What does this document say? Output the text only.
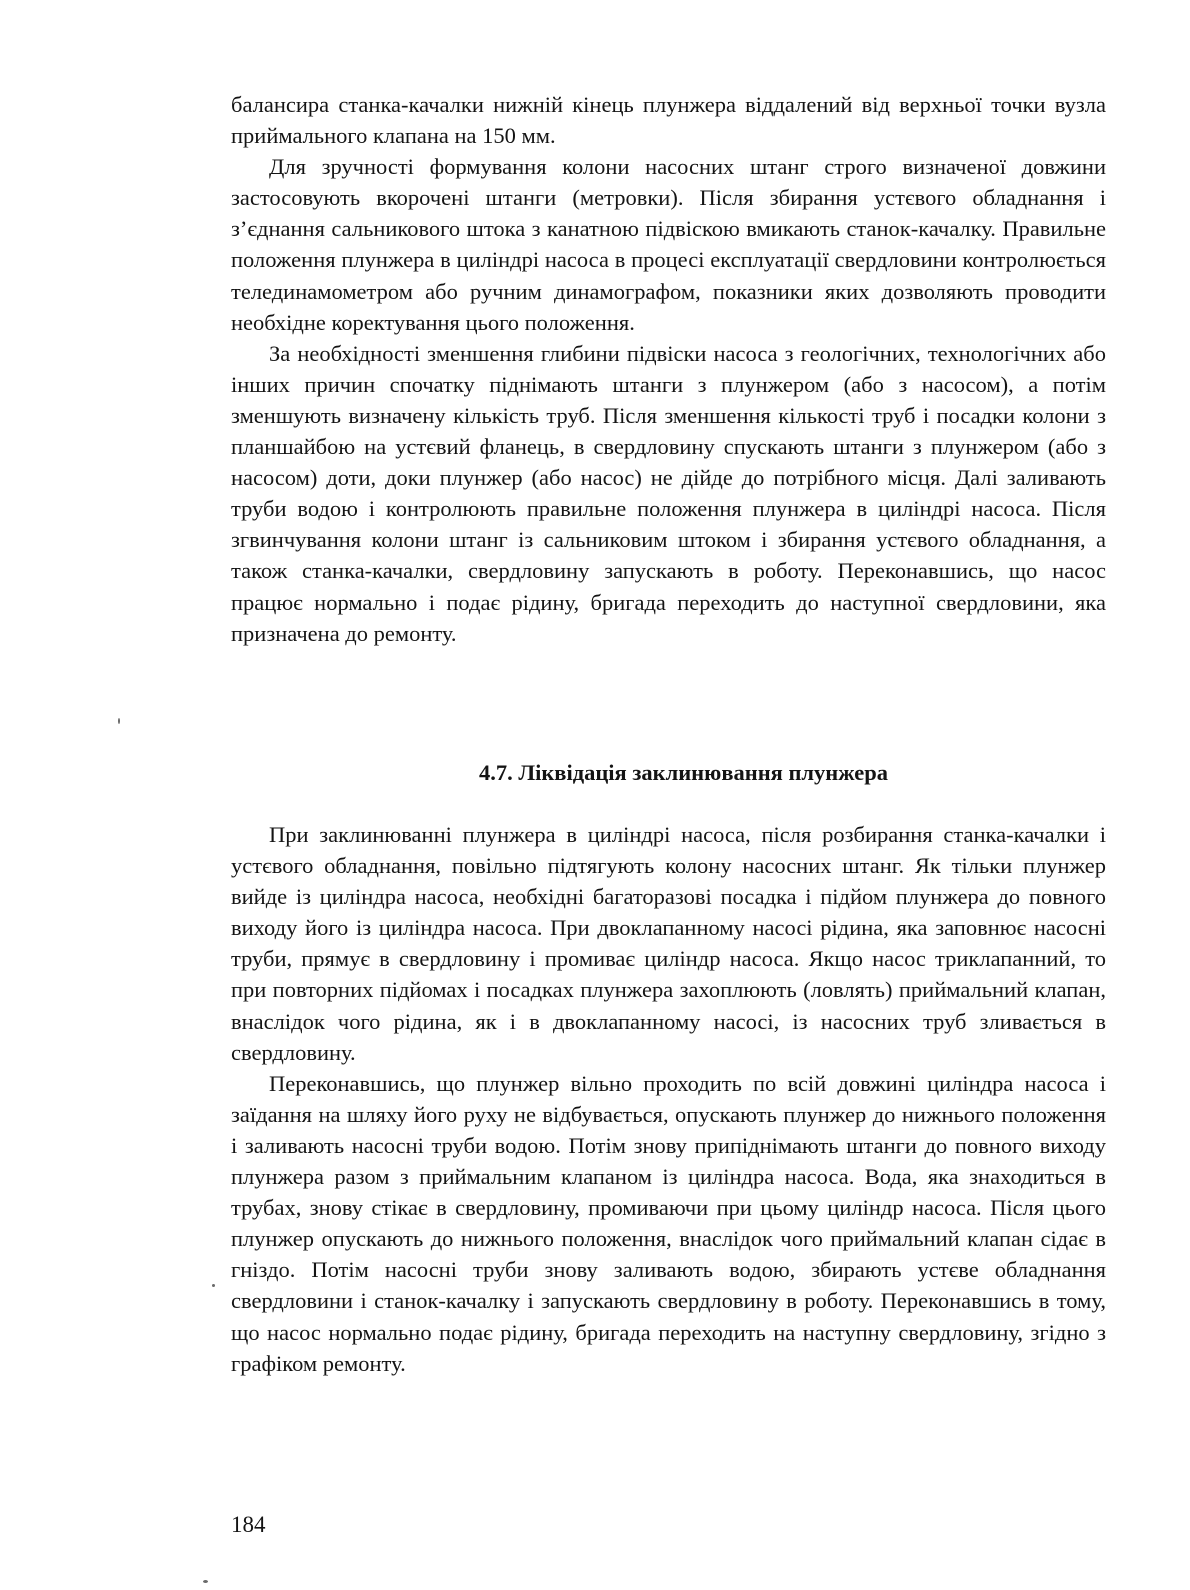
балансира станка-качалки нижній кінець плунжера віддалений від верхньої точки вузла приймального клапана на 150 мм.

Для зручності формування колони насосних штанг строго визначеної довжини застосовують вкорочені штанги (метровки). Після збирання устєвого обладнання і з’єднання сальникового штока з канатною підвіскою вмикають станок-качалку. Правильне положення плунжера в циліндрі насоса в процесі експлуатації свердловини контролюється телединамометром або ручним динамографом, показники яких дозволяють проводити необхідне коректування цього положення.

За необхідності зменшення глибини підвіски насоса з геологічних, технологічних або інших причин спочатку піднімають штанги з плунжером (або з насосом), а потім зменшують визначену кількість труб. Після зменшення кількості труб і посадки колони з планшайбою на устєвий фланець, в свердловину спускають штанги з плунжером (або з насосом) доти, доки плунжер (або насос) не дійде до потрібного місця. Далі заливають труби водою і контролюють правильне положення плунжера в циліндрі насоса. Після згвинчування колони штанг із сальниковим штоком і збирання устєвого обладнання, а також станка-качалки, свердловину запускають в роботу. Переконавшись, що насос працює нормально і подає рідину, бригада переходить до наступної свердловини, яка призначена до ремонту.

4.7. Ліквідація заклинювання плунжера

При заклинюванні плунжера в циліндрі насоса, після розбирання станка-качалки і устєвого обладнання, повільно підтягують колону насосних штанг. Як тільки плунжер вийде із циліндра насоса, необхідні багаторазові посадка і підйом плунжера до повного виходу його із циліндра насоса. При двоклапанному насосі рідина, яка заповнює насосні труби, прямує в свердловину і промиває циліндр насоса. Якщо насос триклапанний, то при повторних підйомах і посадках плунжера захоплюють (ловлять) приймальний клапан, внаслідок чого рідина, як і в двоклапанному насосі, із насосних труб зливається в свердловину.

Переконавшись, що плунжер вільно проходить по всій довжині циліндра насоса і заїдання на шляху його руху не відбувається, опускають плунжер до нижнього положення і заливають насосні труби водою. Потім знову припіднімають штанги до повного виходу плунжера разом з приймальним клапаном із циліндра насоса. Вода, яка знаходиться в трубах, знову стікає в свердловину, промиваючи при цьому циліндр насоса. Після цього плунжер опускають до нижнього положення, внаслідок чого приймальний клапан сідає в гніздо. Потім насосні труби знову заливають водою, збирають устєве обладнання свердловини і станок-качалку і запускають свердловину в роботу. Переконавшись в тому, що насос нормально подає рідину, бригада переходить на наступну свердловину, згідно з графіком ремонту.

184
